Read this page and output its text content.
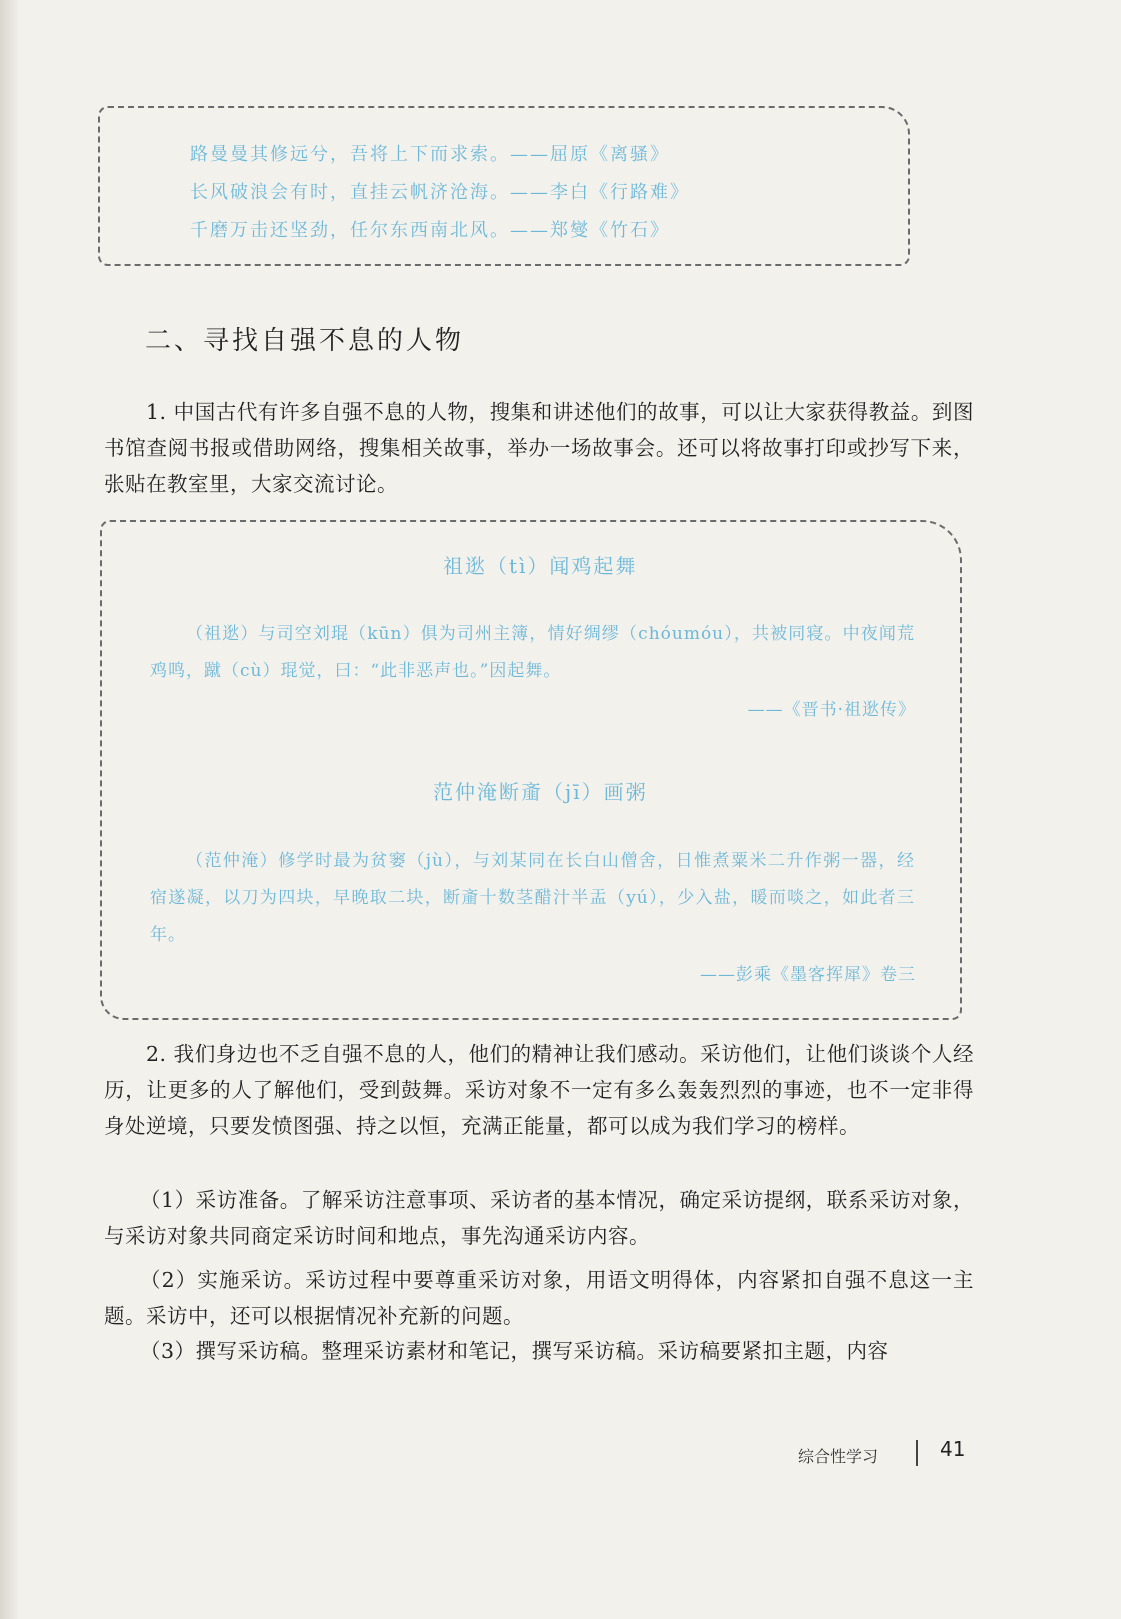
路曼曼其修远兮，吾将上下而求索。——屈原《离骚》
长风破浪会有时，直挂云帆济沧海。——李白《行路难》
千磨万击还坚劲，任尔东西南北风。——郑燮《竹石》
二、寻找自强不息的人物

1. 中国古代有许多自强不息的人物，搜集和讲述他们的故事，可以让大家获得教益。到图书馆查阅书报或借助网络，搜集相关故事，举办一场故事会。还可以将故事打印或抄写下来，张贴在教室里，大家交流讨论。

祖逖（tì）闻鸡起舞

（祖逖）与司空刘琨（kūn）俱为司州主簿，情好绸缪（chóumóu），共被同寝。中夜闻荒鸡鸣，蹴（cù）琨觉，曰：“此非恶声也。”因起舞。

——《晋书·祖逖传》
范仲淹断齑（jī）画粥

（范仲淹）修学时最为贫窭（jù），与刘某同在长白山僧舍，日惟煮粟米二升作粥一器，经宿遂凝，以刀为四块，早晚取二块，断齑十数茎醋汁半盂（yú），少入盐，暖而啖之，如此者三年。

——彭乘《墨客挥犀》卷三

2. 我们身边也不乏自强不息的人，他们的精神让我们感动。采访他们，让他们谈谈个人经历，让更多的人了解他们，受到鼓舞。采访对象不一定有多么轰轰烈烈的事迹，也不一定非得身处逆境，只要发愤图强、持之以恒，充满正能量，都可以成为我们学习的榜样。

（1）采访准备。了解采访注意事项、采访者的基本情况，确定采访提纲，联系采访对象，与采访对象共同商定采访时间和地点，事先沟通采访内容。

（2）实施采访。采访过程中要尊重采访对象，用语文明得体，内容紧扣自强不息这一主题。采访中，还可以根据情况补充新的问题。

（3）撰写采访稿。整理采访素材和笔记，撰写采访稿。采访稿要紧扣主题，内容

综合性学习	41
